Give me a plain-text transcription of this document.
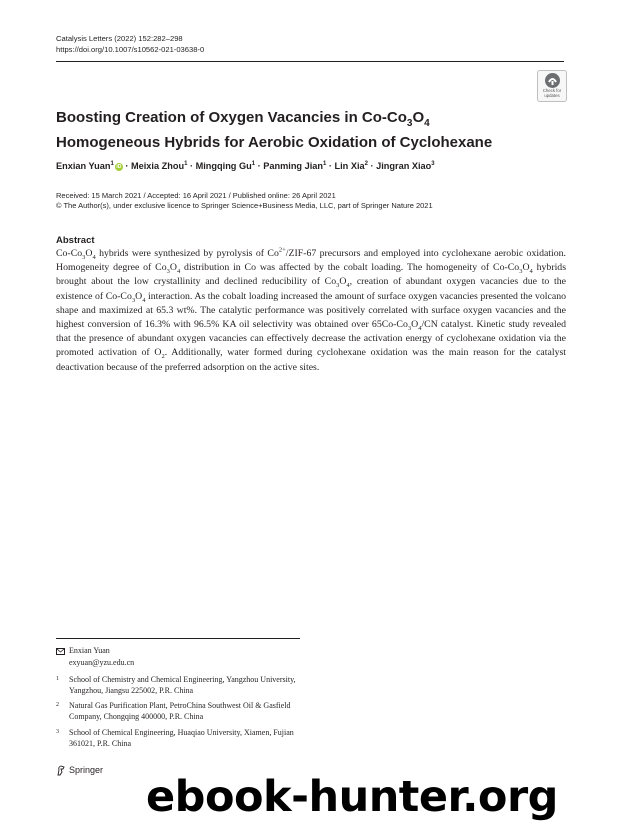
Catalysis Letters (2022) 152:282–298
https://doi.org/10.1007/s10562-021-03638-0
Check for
updates
Boosting Creation of Oxygen Vacancies in $Co-Co_3O_4$ Homogeneous Hybrids for Aerobic Oxidation of Cyclohexane
Enxian Yuan$^1$ iD · Meixia Zhou$^1$ · Mingqing $Gu^1 \cdot Panming$ Jian$^1$ · Lin Xia$^2$ · Jingran Xiao$^3$
Received: 15 March 2021 / Accepted: 16 April 2021 / Published online: 26 April 2021
© The Author(s), under exclusive licence to Springer Science+Business Media, LLC, part of Springer Nature 2021
Abstract

$Co-Co_3O_4$ hybrids were synthesized by pyrolysis of $Co^{2+}/ZIF-67$ precursors and employed into cyclohexane aerobic oxidation. Homogeneity degree of $Co_3O_4$ distribution in Co was affected by the cobalt loading. The homogeneity of $Co-Co_3O_4$ hybrids brought about the low crystallinity and declined reducibility of $Co_3O_4$, creation of abundant oxygen vacancies due to the existence of $Co-Co_3O_4$ interaction. As the cobalt loading increased the amount of surface oxygen vacancies presented the volcano shape and maximized at 65.3 wt%. The catalytic performance was positively correlated with surface oxygen vacancies and the highest conversion of 16.3% with 96.5% KA oil selectivity was obtained over $65Co-Co_3O_4/CN$ catalyst. Kinetic study revealed that the presence of abundant oxygen vacancies can effectively decrease the activation energy of cyclohexane oxidation via the promoted activation of $O_2$. Additionally, water formed during cyclohexane oxidation was the main reason for the catalyst deactivation because of the preferred adsorption on the active sites.

Enxian Yuan
exyuan@yzu.edu.cn
1 School of Chemistry and Chemical Engineering, Yangzhou University, Yangzhou, Jiangsu 225002, P.R. China
2 Natural Gas Purification Plant, PetroChina Southwest Oil & Gasfield Company, Chongqing 400000, P.R. China
3 School of Chemical Engineering, Huaqiao University, Xiamen, Fujian 361021, P.R. China
Springer
ebook-hunter.org
